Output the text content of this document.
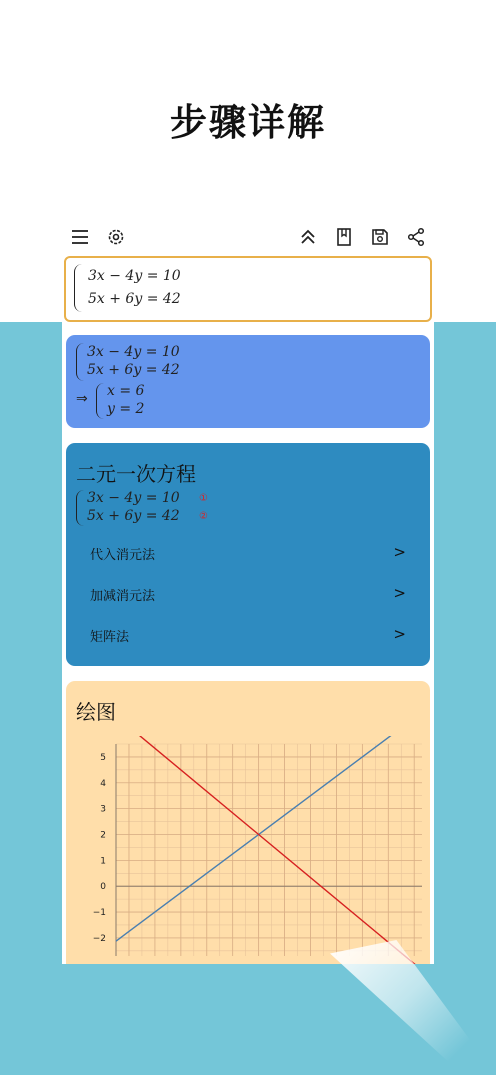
步骤详解
3x − 4y = 10
5x + 6y = 42
3x − 4y = 10
5x + 6y = 42
⇒ x = 6
y = 2
二元一次方程
3x − 4y = 10
5x + 6y = 42
①
②
代入消元法	>
加减消元法	>
矩阵法	>
绘图
5
4
3
2
1
0
−1
−2
